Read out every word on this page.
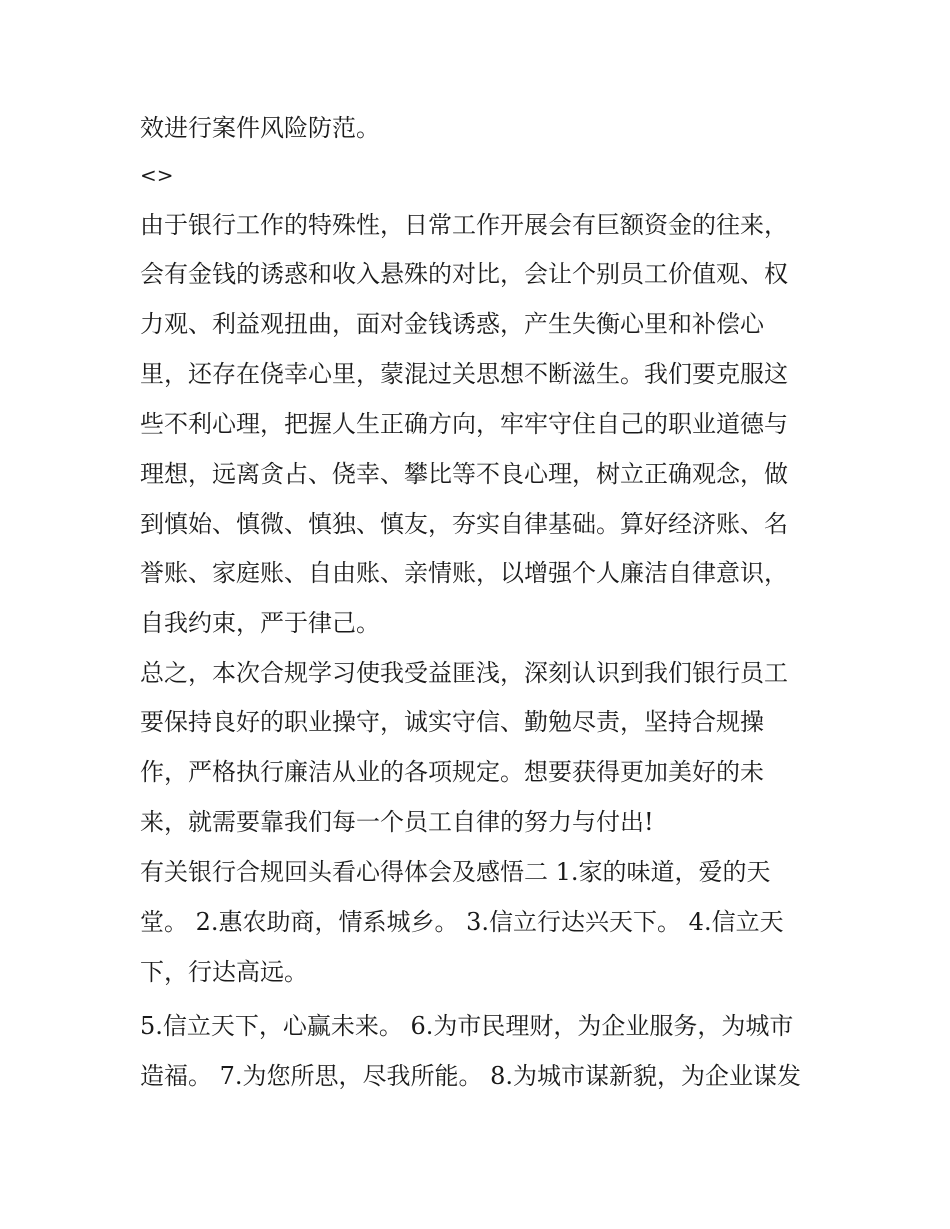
效进行案件风险防范。
<>
由于银行工作的特殊性，日常工作开展会有巨额资金的往来，
会有金钱的诱惑和收入悬殊的对比，会让个别员工价值观、权
力观、利益观扭曲，面对金钱诱惑，产生失衡心里和补偿心
里，还存在侥幸心里，蒙混过关思想不断滋生。我们要克服这
些不利心理，把握人生正确方向，牢牢守住自己的职业道德与
理想，远离贪占、侥幸、攀比等不良心理，树立正确观念，做
到慎始、慎微、慎独、慎友，夯实自律基础。算好经济账、名
誉账、家庭账、自由账、亲情账，以增强个人廉洁自律意识，
自我约束，严于律己。
总之，本次合规学习使我受益匪浅，深刻认识到我们银行员工
要保持良好的职业操守，诚实守信、勤勉尽责，坚持合规操
作，严格执行廉洁从业的各项规定。想要获得更加美好的未
来，就需要靠我们每一个员工自律的努力与付出!
有关银行合规回头看心得体会及感悟二 1.家的味道，爱的天
堂。 2.惠农助商，情系城乡。 3.信立行达兴天下。 4.信立天
下，行达高远。
5.信立天下，心赢未来。 6.为市民理财，为企业服务，为城市
造福。 7.为您所思，尽我所能。 8.为城市谋新貌，为企业谋发
